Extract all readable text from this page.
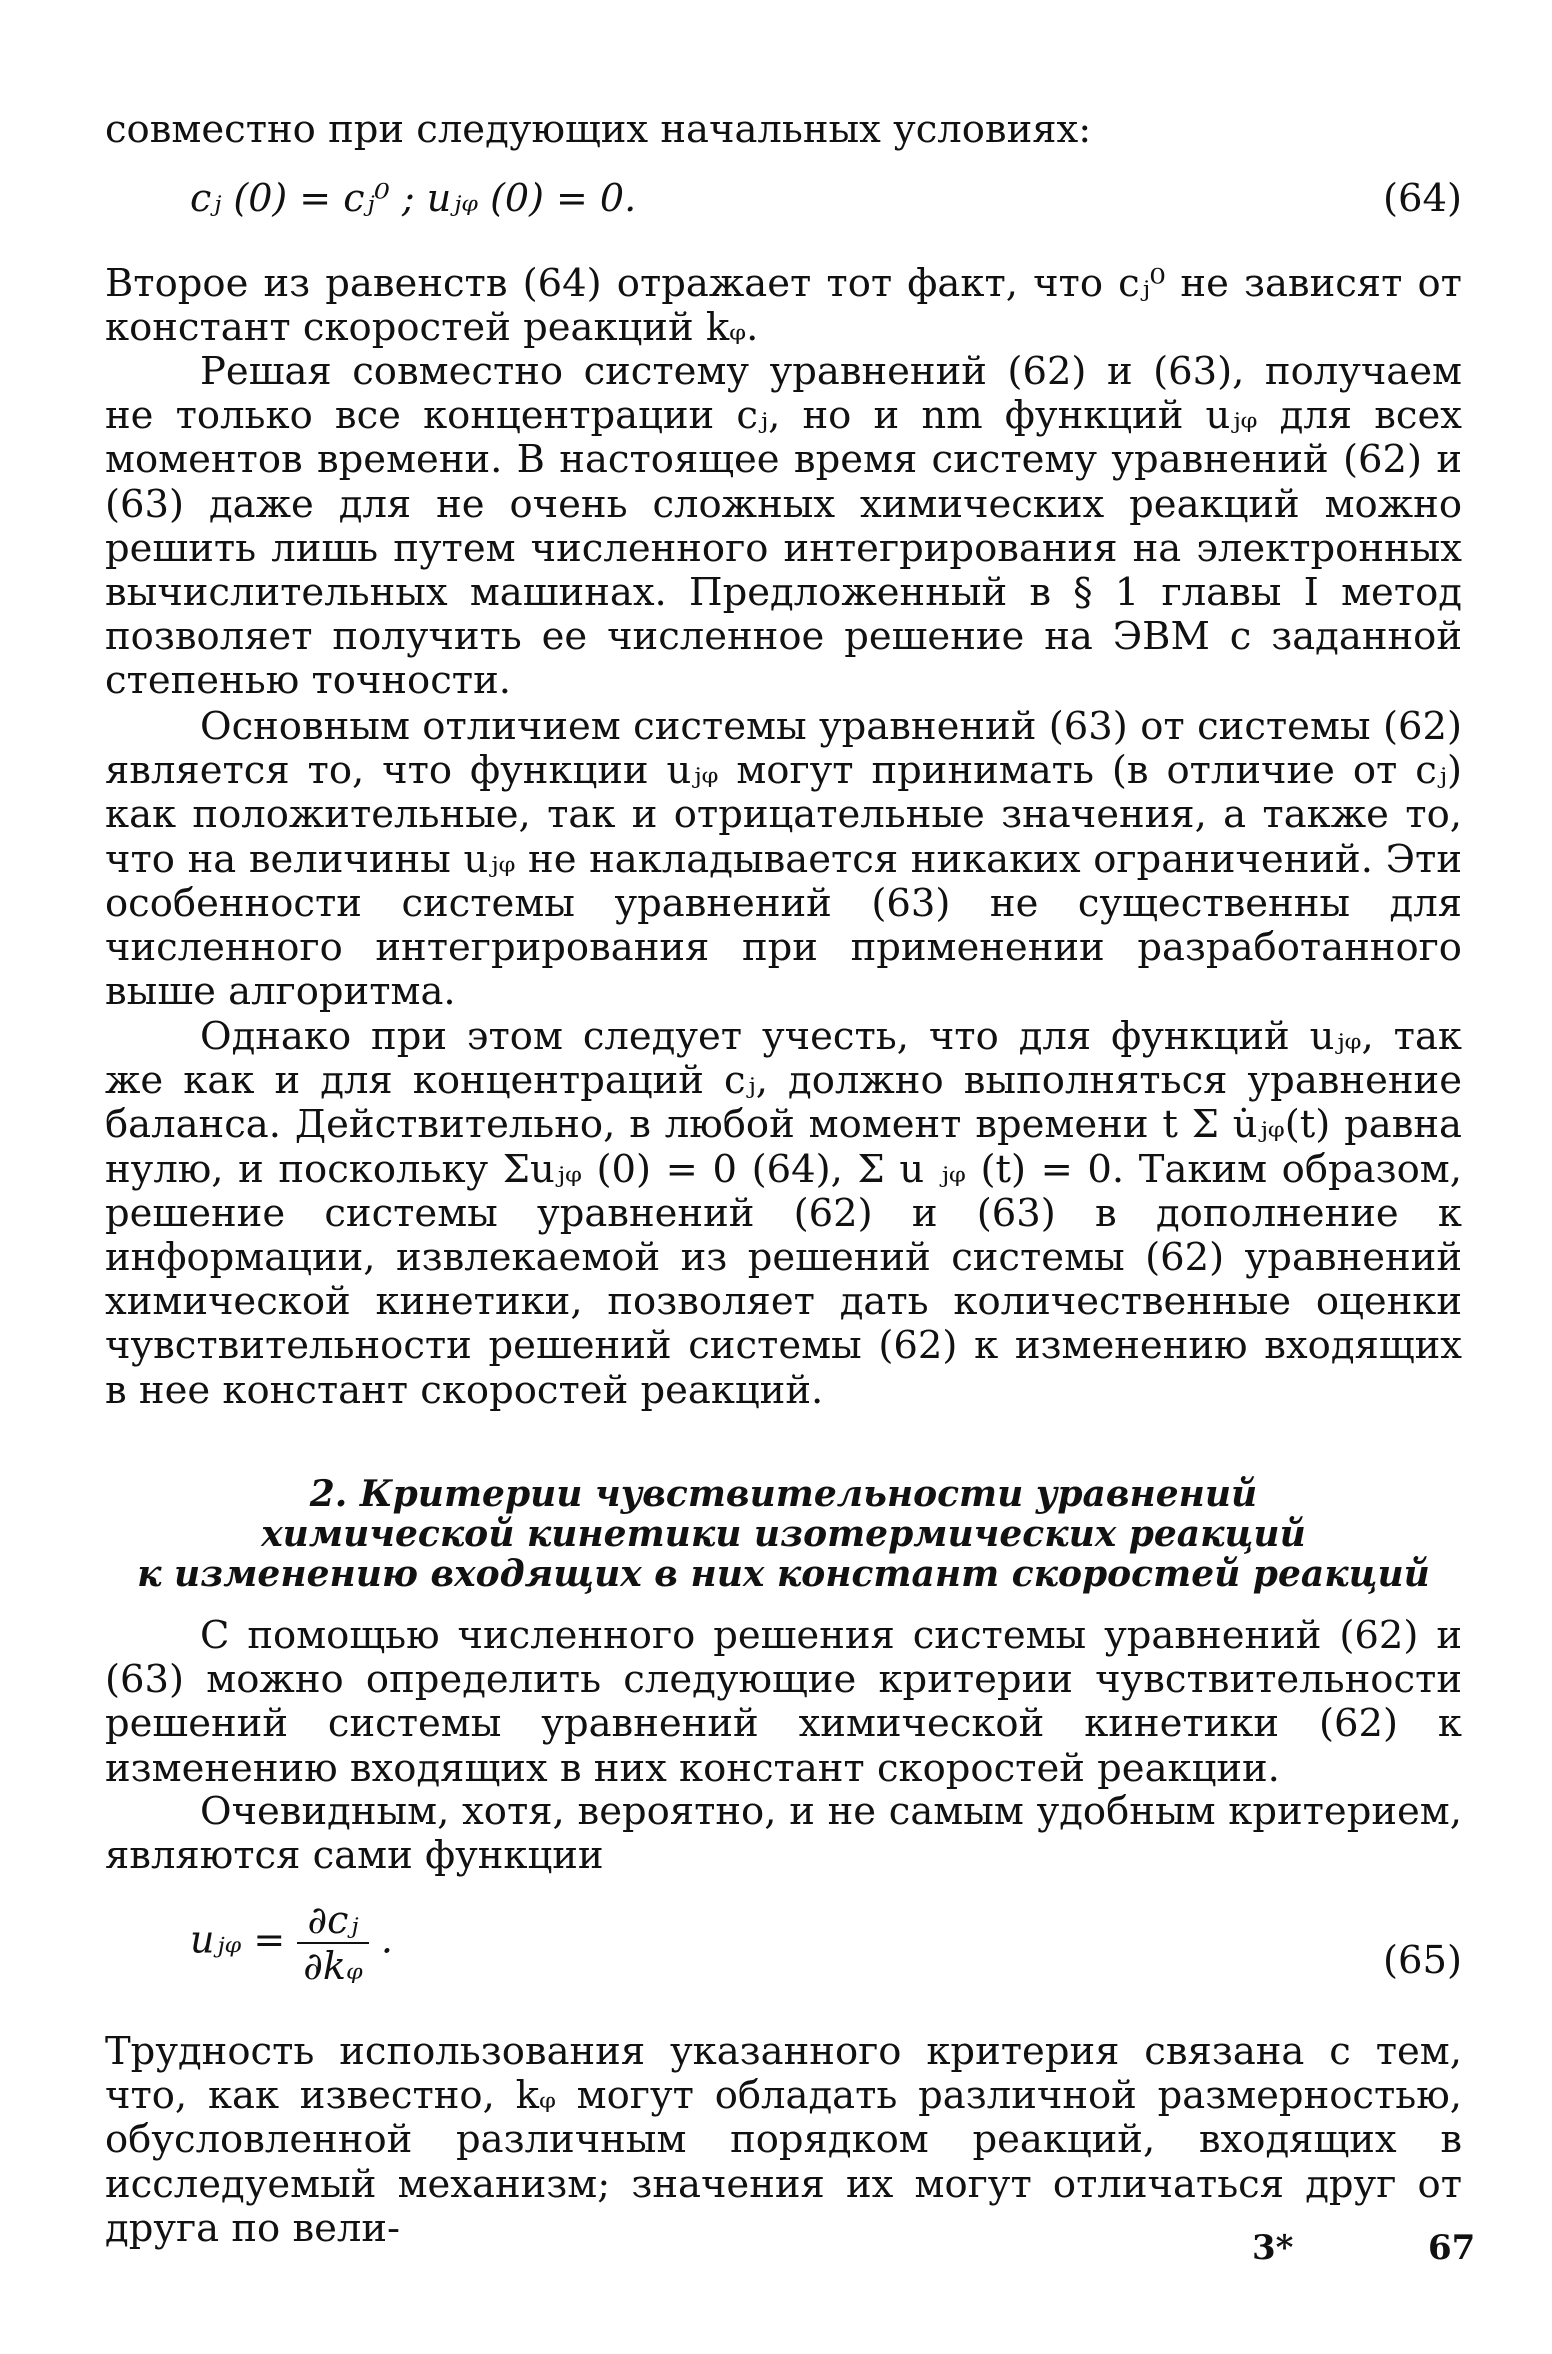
совместно при следующих начальных условиях:

cⱼ (0) = cⱼ⁰ ; uⱼᵩ (0) = 0.	(64)

Второе из равенств (64) отражает тот факт, что cⱼ⁰ не зависят от констант скоростей реакций kᵩ.

Решая совместно систему уравнений (62) и (63), получаем не только все концентрации cⱼ, но и nm функций uⱼᵩ для всех моментов времени. В настоящее время систему уравнений (62) и (63) даже для не очень сложных химических реакций можно решить лишь путем численного интегрирования на электронных вычислительных машинах. Предложенный в § 1 главы I метод позволяет получить ее численное решение на ЭВМ с заданной степенью точности.

Основным отличием системы уравнений (63) от системы (62) является то, что функции uⱼᵩ могут принимать (в отличие от cⱼ) как положительные, так и отрицательные значения, а также то, что на величины uⱼᵩ не накладывается никаких ограничений. Эти особенности системы уравнений (63) не существенны для численного интегрирования при применении разработанного выше алгоритма.

Однако при этом следует учесть, что для функций uⱼᵩ, так же как и для концентраций cⱼ, должно выполняться уравнение баланса. Действительно, в любой момент времени t Σ u̇ⱼᵩ(t) равна нулю, и поскольку Σuⱼᵩ (0) = 0 (64), Σ u ⱼᵩ (t) = 0. Таким образом, решение системы уравнений (62) и (63) в дополнение к информации, извлекаемой из решений системы (62) уравнений химической кинетики, позволяет дать количественные оценки чувствительности решений системы (62) к изменению входящих в нее констант скоростей реакций.

2. Критерии чувствительности уравнений
химической кинетики изотермических реакций
к изменению входящих в них констант скоростей реакций

С помощью численного решения системы уравнений (62) и (63) можно определить следующие критерии чувствительности решений системы уравнений химической кинетики (62) к изменению входящих в них констант скоростей реакции.

Очевидным, хотя, вероятно, и не самым удобным критерием, являются сами функции

uⱼᵩ = $\frac{\text{∂cⱼ}}{\text{∂kᵩ}}$ .	(65)

Трудность использования указанного критерия связана с тем, что, как известно, kᵩ могут обладать различной размерностью, обусловленной различным порядком реакций, входящих в исследуемый механизм; значения их могут отличаться друг от друга по вели-	3*	67
